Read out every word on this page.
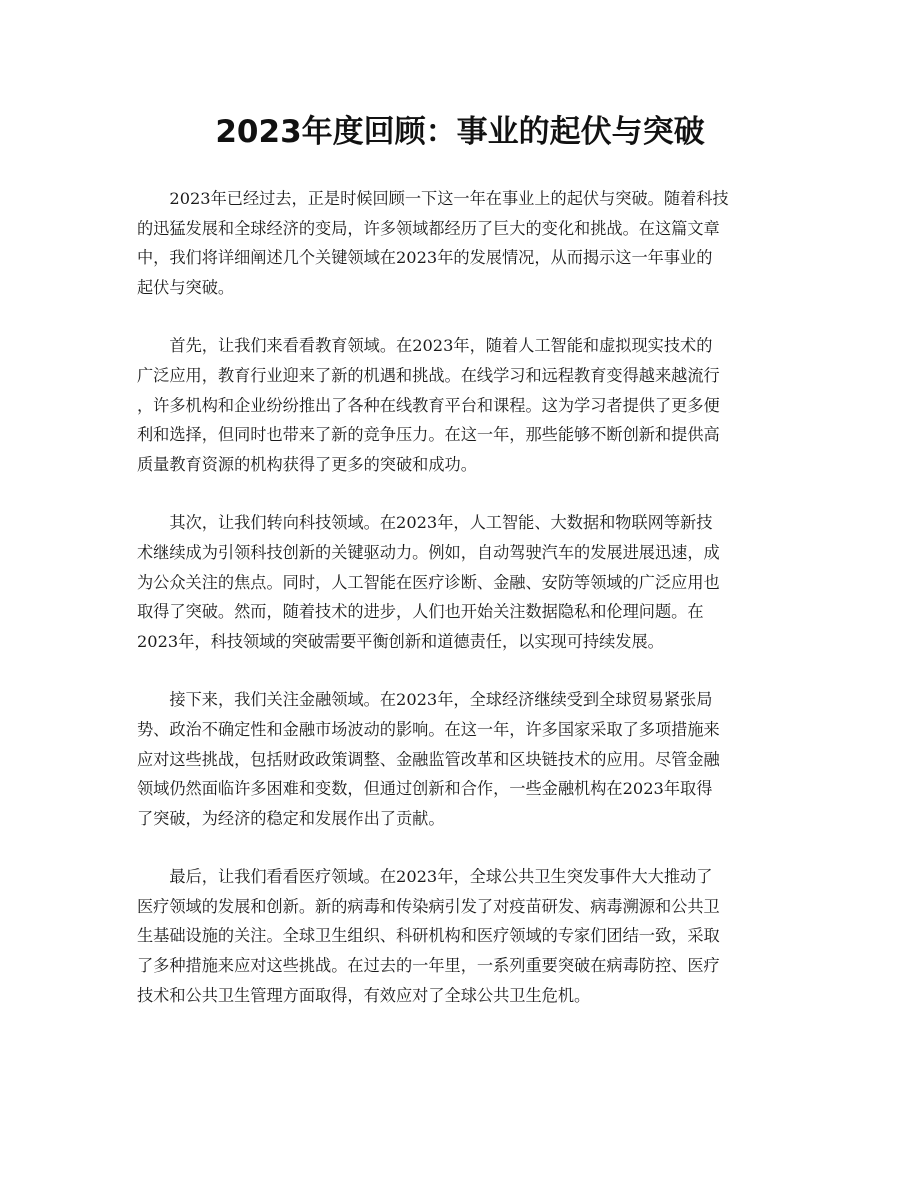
2023年度回顾：事业的起伏与突破

2023年已经过去，正是时候回顾一下这一年在事业上的起伏与突破。随着科技
的迅猛发展和全球经济的变局，许多领域都经历了巨大的变化和挑战。在这篇文章
中，我们将详细阐述几个关键领域在2023年的发展情况，从而揭示这一年事业的
起伏与突破。

首先，让我们来看看教育领域。在2023年，随着人工智能和虚拟现实技术的
广泛应用，教育行业迎来了新的机遇和挑战。在线学习和远程教育变得越来越流行
，许多机构和企业纷纷推出了各种在线教育平台和课程。这为学习者提供了更多便
利和选择，但同时也带来了新的竞争压力。在这一年，那些能够不断创新和提供高
质量教育资源的机构获得了更多的突破和成功。

其次，让我们转向科技领域。在2023年，人工智能、大数据和物联网等新技
术继续成为引领科技创新的关键驱动力。例如，自动驾驶汽车的发展进展迅速，成
为公众关注的焦点。同时，人工智能在医疗诊断、金融、安防等领域的广泛应用也
取得了突破。然而，随着技术的进步，人们也开始关注数据隐私和伦理问题。在
2023年，科技领域的突破需要平衡创新和道德责任，以实现可持续发展。

接下来，我们关注金融领域。在2023年，全球经济继续受到全球贸易紧张局
势、政治不确定性和金融市场波动的影响。在这一年，许多国家采取了多项措施来
应对这些挑战，包括财政政策调整、金融监管改革和区块链技术的应用。尽管金融
领域仍然面临许多困难和变数，但通过创新和合作，一些金融机构在2023年取得
了突破，为经济的稳定和发展作出了贡献。

最后，让我们看看医疗领域。在2023年，全球公共卫生突发事件大大推动了
医疗领域的发展和创新。新的病毒和传染病引发了对疫苗研发、病毒溯源和公共卫
生基础设施的关注。全球卫生组织、科研机构和医疗领域的专家们团结一致，采取
了多种措施来应对这些挑战。在过去的一年里，一系列重要突破在病毒防控、医疗
技术和公共卫生管理方面取得，有效应对了全球公共卫生危机。
